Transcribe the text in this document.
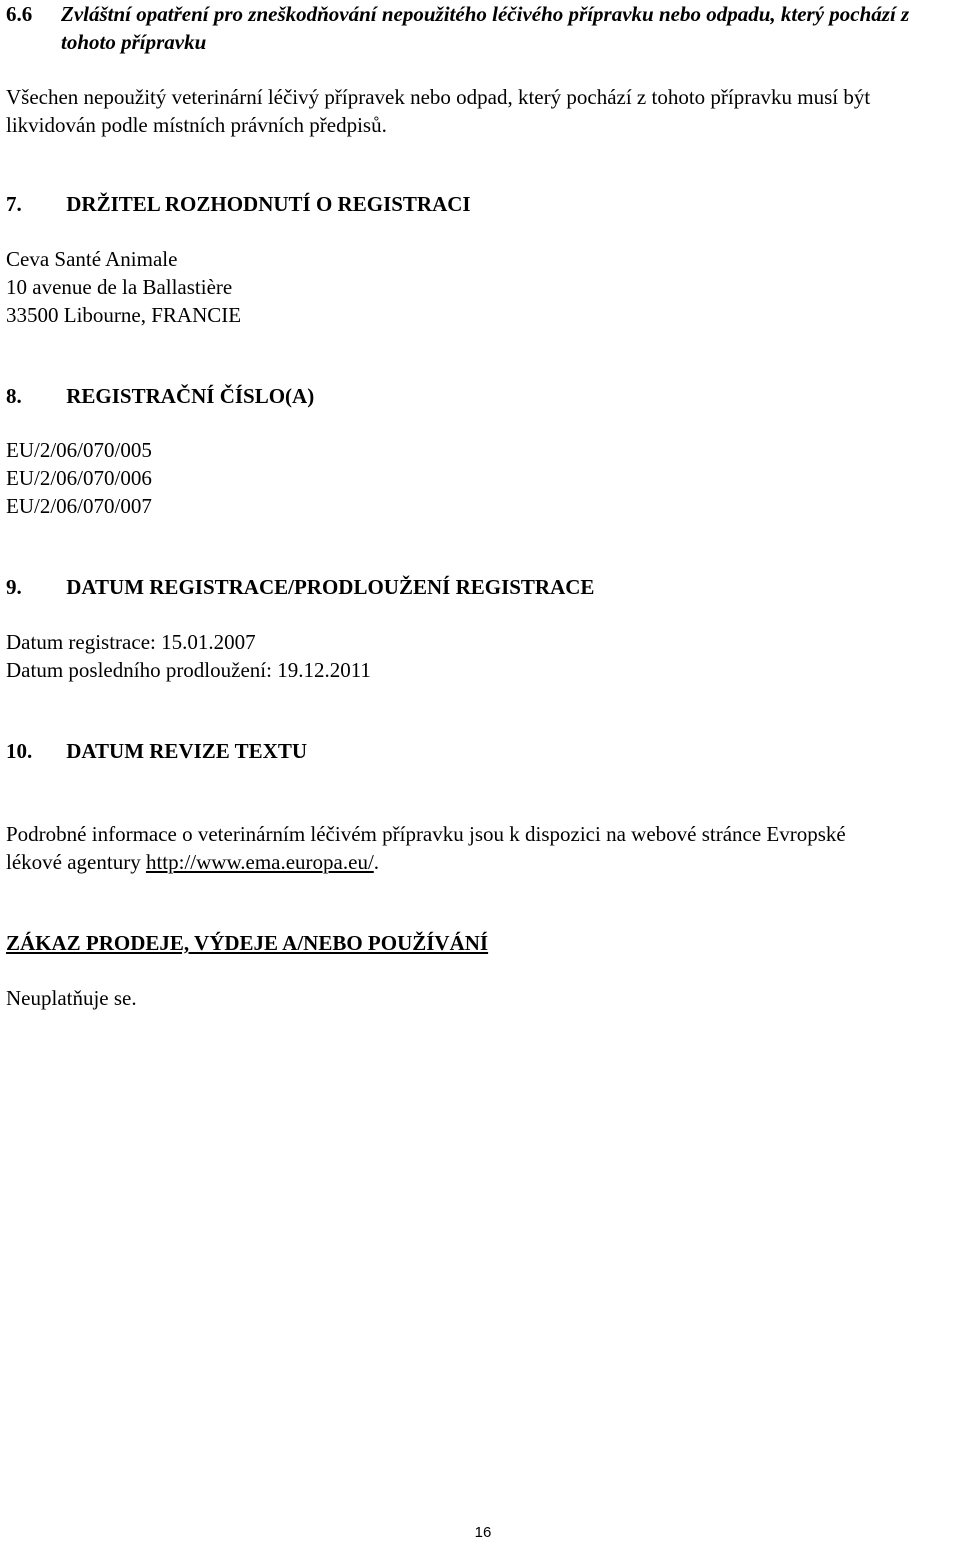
6.6 Zvláštní opatření pro zneškodňování nepoužitého léčivého přípravku nebo odpadu, který pochází z tohoto přípravku
Všechen nepoužitý veterinární léčivý přípravek nebo odpad, který pochází z tohoto přípravku musí být
likvidován podle místních právních předpisů.
7. DRŽITEL ROZHODNUTÍ O REGISTRACI
Ceva Santé Animale
10 avenue de la Ballastière
33500 Libourne, FRANCIE
8. REGISTRAČNÍ ČÍSLO(A)
EU/2/06/070/005
EU/2/06/070/006
EU/2/06/070/007
9. DATUM REGISTRACE/PRODLOUŽENÍ REGISTRACE
Datum registrace: 15.01.2007
Datum posledního prodloužení: 19.12.2011
10. DATUM REVIZE TEXTU
Podrobné informace o veterinárním léčivém přípravku jsou k dispozici na webové stránce Evropské
lékové agentury http://www.ema.europa.eu/.
ZÁKAZ PRODEJE, VÝDEJE A/NEBO POUŽÍVÁNÍ
Neuplatňuje se.
16
